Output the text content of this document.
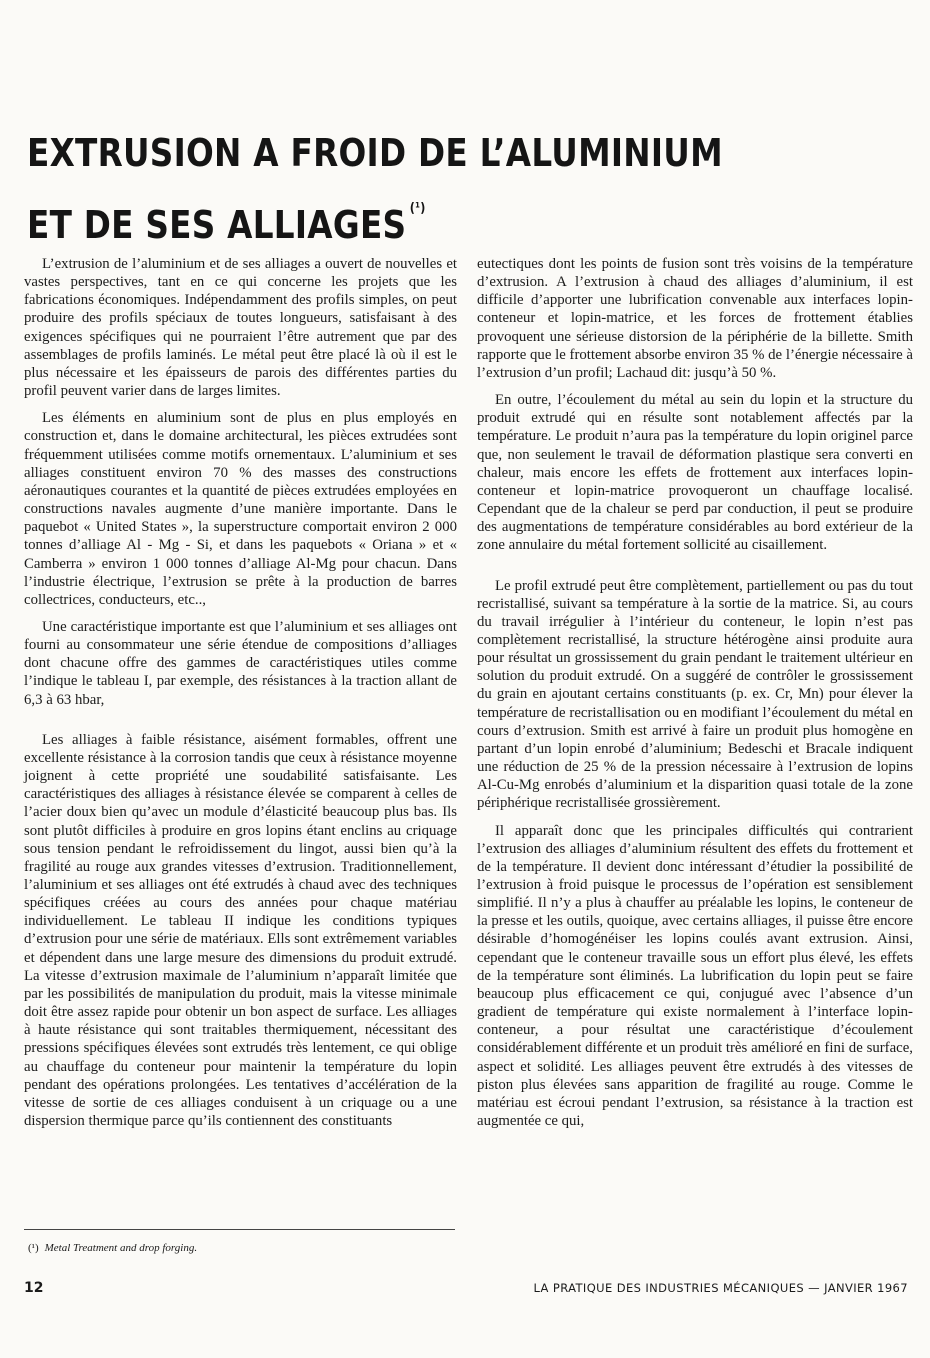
EXTRUSION A FROID DE L’ALUMINIUM
ET DE SES ALLIAGES $^{(^1)}$

L’extrusion de l’aluminium et de ses alliages a ouvert de nouvelles et vastes perspectives, tant en ce qui concerne les projets que les fabrications économiques. Indépendamment des profils simples, on peut produire des profils spéciaux de toutes longueurs, satisfaisant à des exigences spécifiques qui ne pourraient l’être autrement que par des assemblages de profils laminés. Le métal peut être placé là où il est le plus nécessaire et les épaisseurs de parois des différentes parties du profil peuvent varier dans de larges limites.

Les éléments en aluminium sont de plus en plus employés en construction et, dans le domaine architectural, les pièces extrudées sont fréquemment utilisées comme motifs ornementaux. L’aluminium et ses alliages constituent environ 70 % des masses des constructions aéronautiques courantes et la quantité de pièces extrudées employées en constructions navales augmente d’une manière importante. Dans le paquebot « United States », la superstructure comportait environ 2 000 tonnes d’alliage Al - Mg - Si, et dans les paquebots « Oriana » et « Camberra » environ 1 000 tonnes d’alliage Al-Mg pour chacun. Dans l’industrie électrique, l’extrusion se prête à la production de barres collectrices, conducteurs, etc..,

Une caractéristique importante est que l’aluminium et ses alliages ont fourni au consommateur une série étendue de compositions d’alliages dont chacune offre des gammes de caractéristiques utiles comme l’indique le tableau I, par exemple, des résistances à la traction allant de 6,3 à 63 hbar,

Les alliages à faible résistance, aisément formables, offrent une excellente résistance à la corrosion tandis que ceux à résistance moyenne joignent à cette propriété une soudabilité satisfaisante. Les caractéristiques des alliages à résistance élevée se comparent à celles de l’acier doux bien qu’avec un module d’élasticité beaucoup plus bas. Ils sont plutôt difficiles à produire en gros lopins étant enclins au criquage sous tension pendant le refroidissement du lingot, aussi bien qu’à la fragilité au rouge aux grandes vitesses d’extrusion. Traditionnellement, l’aluminium et ses alliages ont été extrudés à chaud avec des techniques spécifiques créées au cours des années pour chaque matériau individuellement. Le tableau II indique les conditions typiques d’extrusion pour une série de matériaux. Ells sont extrêmement variables et dépendent dans une large mesure des dimensions du produit extrudé. La vitesse d’extrusion maximale de l’aluminium n’apparaît limitée que par les possibilités de manipulation du produit, mais la vitesse minimale doit être assez rapide pour obtenir un bon aspect de surface. Les alliages à haute résistance qui sont traitables thermiquement, nécessitant des pressions spécifiques élevées sont extrudés très lentement, ce qui oblige au chauffage du conteneur pour maintenir la température du lopin pendant des opérations prolongées. Les tentatives d’accélération de la vitesse de sortie de ces alliages conduisent à un criquage ou a une dispersion thermique parce qu’ils contiennent des constituants

eutectiques dont les points de fusion sont très voisins de la température d’extrusion. A l’extrusion à chaud des alliages d’aluminium, il est difficile d’apporter une lubrification convenable aux interfaces lopin-conteneur et lopin-matrice, et les forces de frottement établies provoquent une sérieuse distorsion de la périphérie de la billette. Smith rapporte que le frottement absorbe environ 35 % de l’énergie nécessaire à l’extrusion d’un profil; Lachaud dit: jusqu’à 50 %.

En outre, l’écoulement du métal au sein du lopin et la structure du produit extrudé qui en résulte sont notablement affectés par la température. Le produit n’aura pas la température du lopin originel parce que, non seulement le travail de déformation plastique sera converti en chaleur, mais encore les effets de frottement aux interfaces lopin-conteneur et lopin-matrice provoqueront un chauffage localisé. Cependant que de la chaleur se perd par conduction, il peut se produire des augmentations de température considérables au bord extérieur de la zone annulaire du métal fortement sollicité au cisaillement.

Le profil extrudé peut être complètement, partiellement ou pas du tout recristallisé, suivant sa température à la sortie de la matrice. Si, au cours du travail irrégulier à l’intérieur du conteneur, le lopin n’est pas complètement recristallisé, la structure hétérogène ainsi produite aura pour résultat un grossissement du grain pendant le traitement ultérieur en solution du produit extrudé. On a suggéré de contrôler le grossissement du grain en ajoutant certains constituants (p. ex. Cr, Mn) pour élever la température de recristallisation ou en modifiant l’écoulement du métal en cours d’extrusion. Smith est arrivé à faire un produit plus homogène en partant d’un lopin enrobé d’aluminium; Bedeschi et Bracale indiquent une réduction de 25 % de la pression nécessaire à l’extrusion de lopins Al-Cu-Mg enrobés d’aluminium et la disparition quasi totale de la zone périphérique recristallisée grossièrement.

Il apparaît donc que les principales difficultés qui contrarient l’extrusion des alliages d’aluminium résultent des effets du frottement et de la température. Il devient donc intéressant d’étudier la possibilité de l’extrusion à froid puisque le processus de l’opération est sensiblement simplifié. Il n’y a plus à chauffer au préalable les lopins, le conteneur de la presse et les outils, quoique, avec certains alliages, il puisse être encore désirable d’homogénéiser les lopins coulés avant extrusion. Ainsi, cependant que le conteneur travaille sous un effort plus élevé, les effets de la température sont éliminés. La lubrification du lopin peut se faire beaucoup plus efficacement ce qui, conjugué avec l’absence d’un gradient de température qui existe normalement à l’interface lopin-conteneur, a pour résultat une caractéristique d’écoulement considérablement différente et un produit très amélioré en fini de surface, aspect et solidité. Les alliages peuvent être extrudés à des vitesses de piston plus élevées sans apparition de fragilité au rouge. Comme le matériau est écroui pendant l’extrusion, sa résistance à la traction est augmentée ce qui,

(¹) Metal Treatment and drop forging.
12	LA PRATIQUE DES INDUSTRIES MÉCANIQUES — JANVIER 1967
